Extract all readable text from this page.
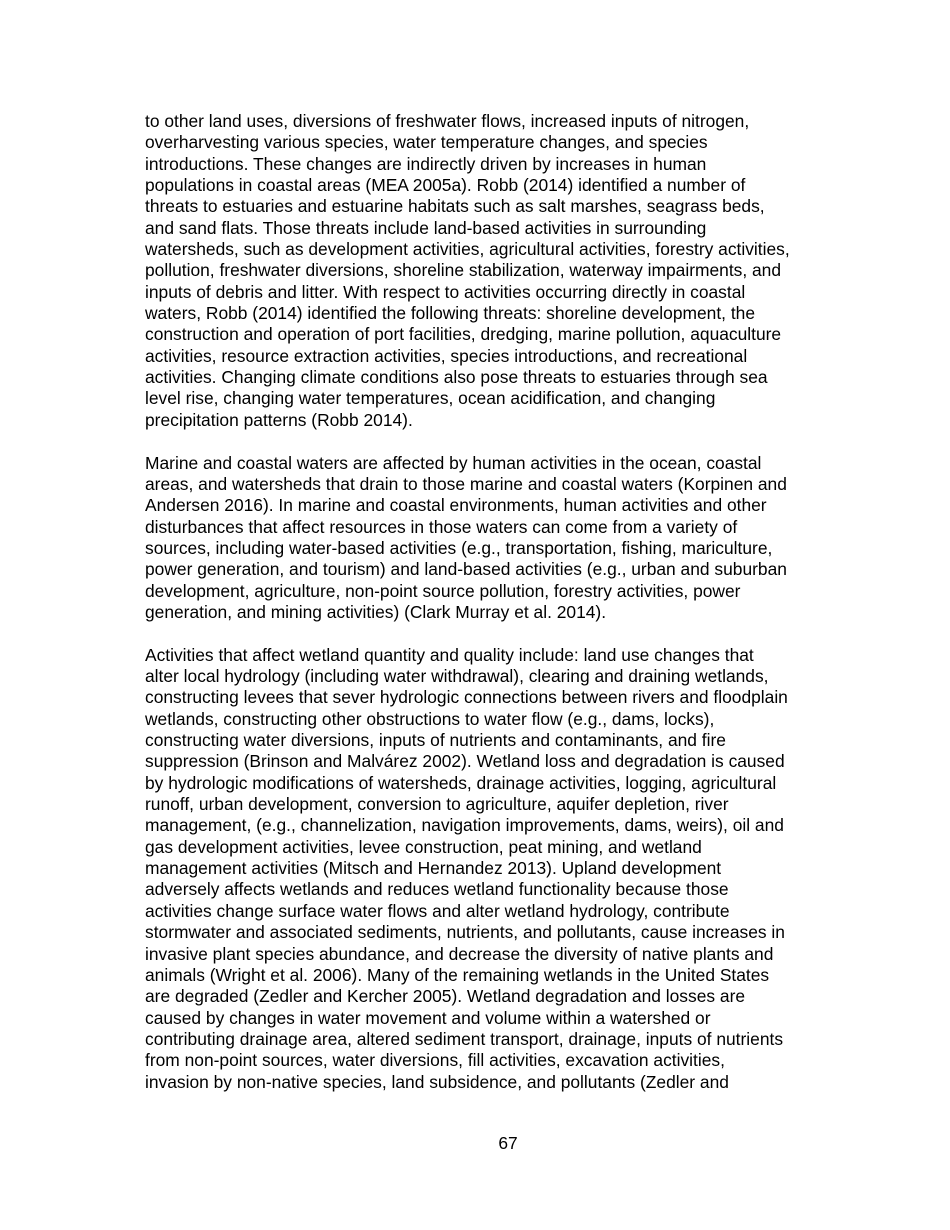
to other land uses, diversions of freshwater flows, increased inputs of nitrogen,
overharvesting various species, water temperature changes, and species
introductions. These changes are indirectly driven by increases in human
populations in coastal areas (MEA 2005a). Robb (2014) identified a number of
threats to estuaries and estuarine habitats such as salt marshes, seagrass beds,
and sand flats. Those threats include land-based activities in surrounding
watersheds, such as development activities, agricultural activities, forestry activities,
pollution, freshwater diversions, shoreline stabilization, waterway impairments, and
inputs of debris and litter. With respect to activities occurring directly in coastal
waters, Robb (2014) identified the following threats: shoreline development, the
construction and operation of port facilities, dredging, marine pollution, aquaculture
activities, resource extraction activities, species introductions, and recreational
activities. Changing climate conditions also pose threats to estuaries through sea
level rise, changing water temperatures, ocean acidification, and changing
precipitation patterns (Robb 2014).

Marine and coastal waters are affected by human activities in the ocean, coastal
areas, and watersheds that drain to those marine and coastal waters (Korpinen and
Andersen 2016). In marine and coastal environments, human activities and other
disturbances that affect resources in those waters can come from a variety of
sources, including water-based activities (e.g., transportation, fishing, mariculture,
power generation, and tourism) and land-based activities (e.g., urban and suburban
development, agriculture, non-point source pollution, forestry activities, power
generation, and mining activities) (Clark Murray et al. 2014).

Activities that affect wetland quantity and quality include: land use changes that
alter local hydrology (including water withdrawal), clearing and draining wetlands,
constructing levees that sever hydrologic connections between rivers and floodplain
wetlands, constructing other obstructions to water flow (e.g., dams, locks),
constructing water diversions, inputs of nutrients and contaminants, and fire
suppression (Brinson and Malvárez 2002). Wetland loss and degradation is caused
by hydrologic modifications of watersheds, drainage activities, logging, agricultural
runoff, urban development, conversion to agriculture, aquifer depletion, river
management, (e.g., channelization, navigation improvements, dams, weirs), oil and
gas development activities, levee construction, peat mining, and wetland
management activities (Mitsch and Hernandez 2013). Upland development
adversely affects wetlands and reduces wetland functionality because those
activities change surface water flows and alter wetland hydrology, contribute
stormwater and associated sediments, nutrients, and pollutants, cause increases in
invasive plant species abundance, and decrease the diversity of native plants and
animals (Wright et al. 2006). Many of the remaining wetlands in the United States
are degraded (Zedler and Kercher 2005). Wetland degradation and losses are
caused by changes in water movement and volume within a watershed or
contributing drainage area, altered sediment transport, drainage, inputs of nutrients
from non-point sources, water diversions, fill activities, excavation activities,
invasion by non-native species, land subsidence, and pollutants (Zedler and

67
